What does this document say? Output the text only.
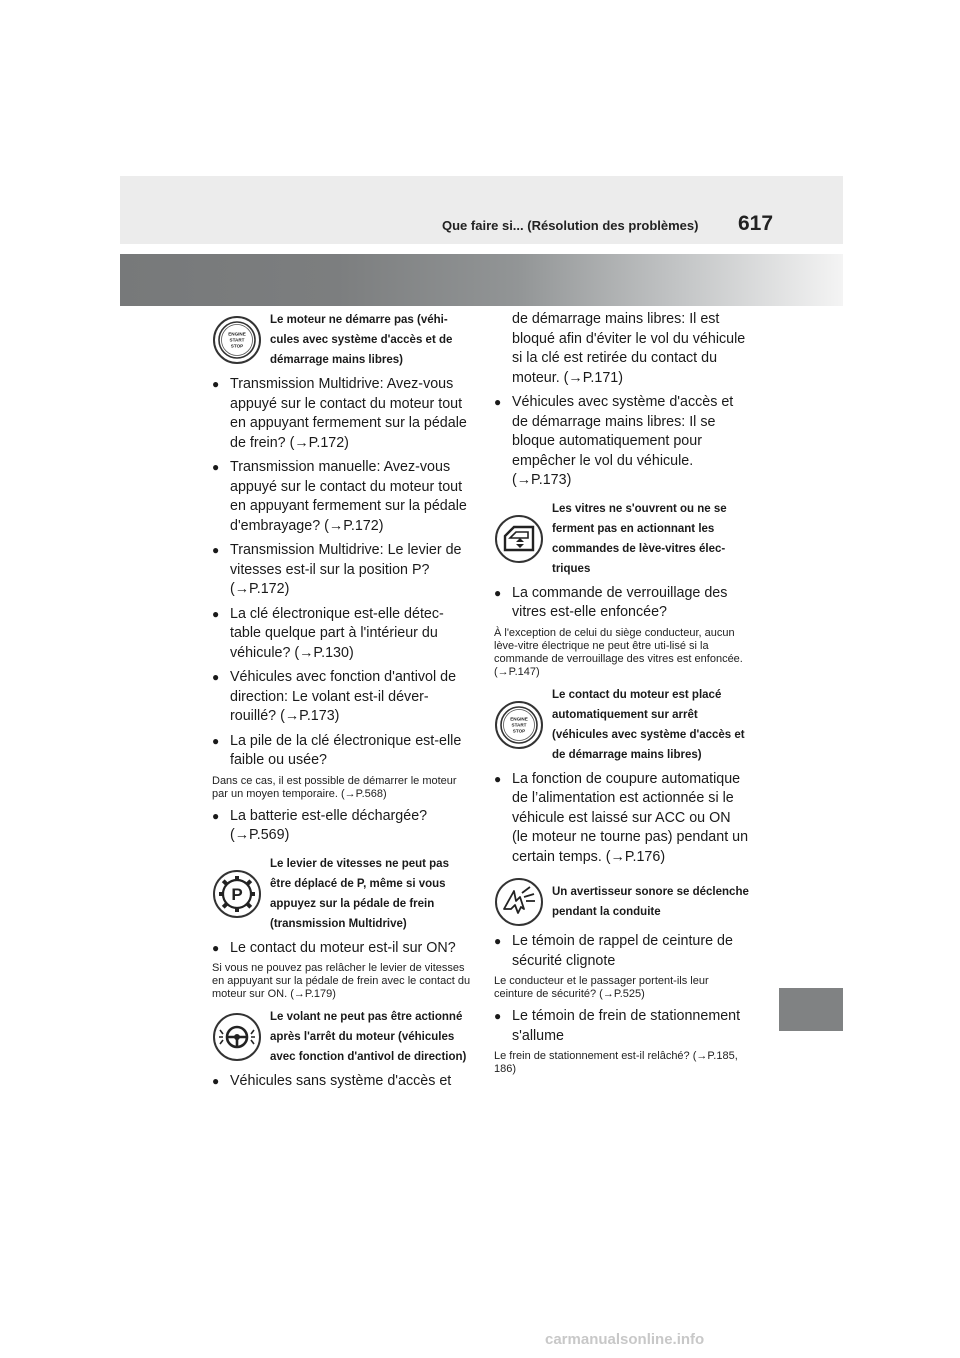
Que faire si... (Résolution des problèmes) 617
ENGINE
START
STOP
Le moteur ne démarre pas (véhi-cules avec système d'accès et de démarrage mains libres)
● Transmission Multidrive: Avez-vous appuyé sur le contact du moteur tout en appuyant fermement sur la pédale de frein? (→P.172)
● Transmission manuelle: Avez-vous appuyé sur le contact du moteur tout en appuyant fermement sur la pédale d'embrayage? (→P.172)
● Transmission Multidrive: Le levier de vitesses est-il sur la position P? (→P.172)
● La clé électronique est-elle détec-table quelque part à l'intérieur du véhicule? (→P.130)
● Véhicules avec fonction d'antivol de direction: Le volant est-il déver-rouillé? (→P.173)
● La pile de la clé électronique est-elle faible ou usée?
Dans ce cas, il est possible de démarrer le moteur par un moyen temporaire. (→P.568)
● La batterie est-elle déchargée? (→P.569)
P
Le levier de vitesses ne peut pas être déplacé de P, même si vous appuyez sur la pédale de frein (transmission Multidrive)
● Le contact du moteur est-il sur ON?
Si vous ne pouvez pas relâcher le levier de vitesses en appuyant sur la pédale de frein avec le contact du moteur sur ON. (→P.179)
Le volant ne peut pas être actionné après l'arrêt du moteur (véhicules avec fonction d'antivol de direction)
● Véhicules sans système d'accès et
de démarrage mains libres: Il est bloqué afin d'éviter le vol du véhicule si la clé est retirée du contact du moteur. (→P.171)
● Véhicules avec système d'accès et de démarrage mains libres: Il se bloque automatiquement pour empêcher le vol du véhicule. (→P.173)
Les vitres ne s'ouvrent ou ne se ferment pas en actionnant les commandes de lève-vitres élec-triques
● La commande de verrouillage des vitres est-elle enfoncée?
À l'exception de celui du siège conducteur, aucun lève-vitre électrique ne peut être uti-lisé si la commande de verrouillage des vitres est enfoncée. (→P.147)
ENGINE
START
STOP
Le contact du moteur est placé automatiquement sur arrêt (véhicules avec système d'accès et de démarrage mains libres)
● La fonction de coupure automatique de l’alimentation est actionnée si le véhicule est laissé sur ACC ou ON (le moteur ne tourne pas) pendant un certain temps. (→P.176)
Un avertisseur sonore se déclenche pendant la conduite
● Le témoin de rappel de ceinture de sécurité clignote
Le conducteur et le passager portent-ils leur ceinture de sécurité? (→P.525)
● Le témoin de frein de stationnement s'allume
Le frein de stationnement est-il relâché? (→P.185, 186)
carmanualsonline.info
